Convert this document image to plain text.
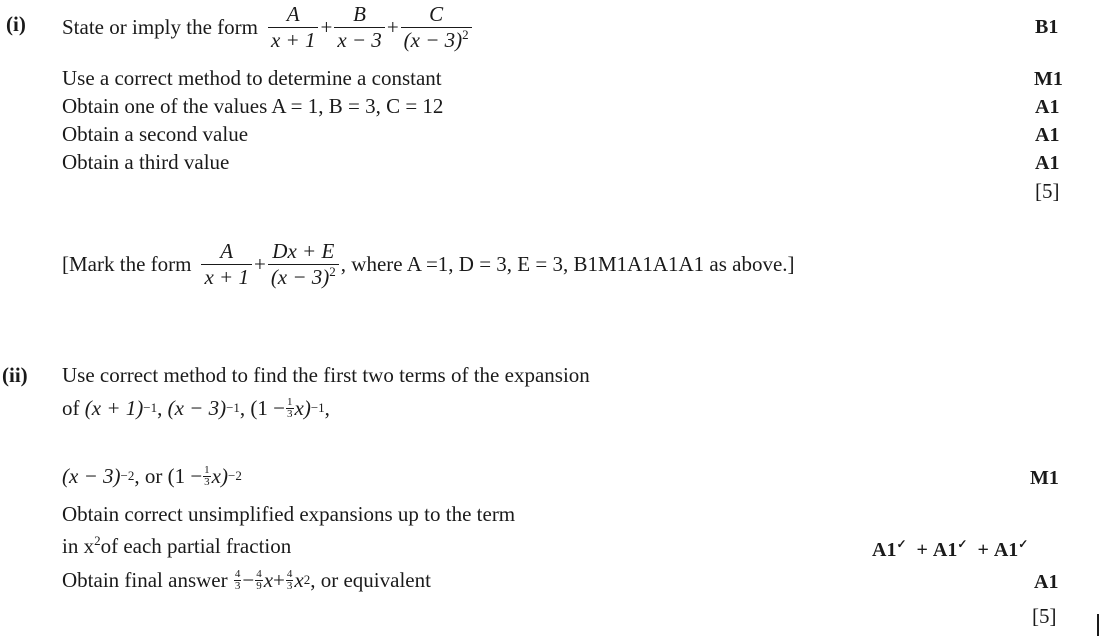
(i) State or imply the form $\frac{A}{x + 1} + \frac{B}{x - 3} + \frac{C}{(x - 3)^2}$	B1
Use a correct method to determine a constant	M1
Obtain one of the values A = 1, B = 3, C = 12	A1
Obtain a second value	A1
Obtain a third value	A1
[5]
[Mark the form $\frac{A}{x + 1} + \frac{Dx + E}{(x - 3)^2}$ , where A =1, D = 3, E = 3, B1M1A1A1A1 as above.]
(ii) Use correct method to find the first two terms of the expansion
of
(x + 1) −1 ,
(x − 3) −1 ,
$(1 - \frac{1}{3} x) -1$ ,
(x − 3) −2 ,
or
$(1 - \frac{1}{3} x) -2$	M1
Obtain correct unsimplified expansions up to the term
in $x^2of$ each partial fraction	A1✓  + A1✓  + A1✓
Obtain final answer
$\frac{4}{3} - \frac{4}{9}$ $x + \frac{4}{3}$ x 2 , or equivalent	A1
[5]
